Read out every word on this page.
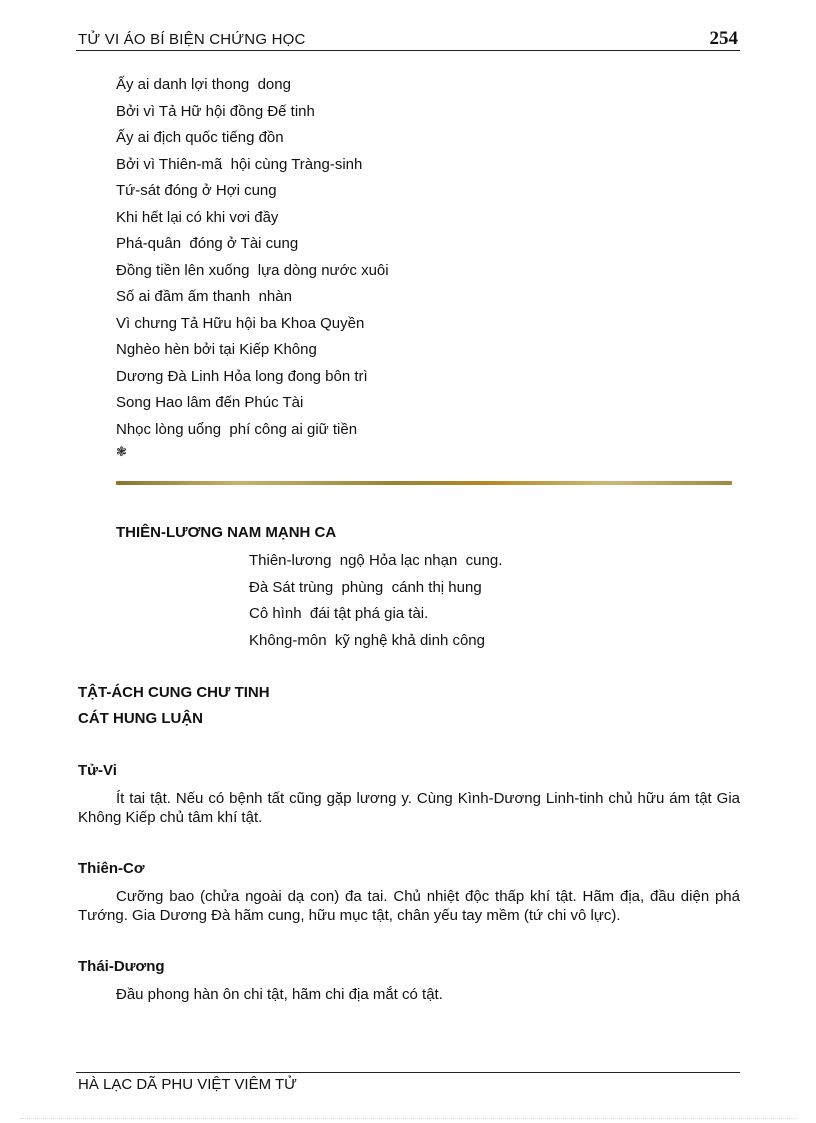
TỬ VI ÁO BÍ BIỆN CHỨNG HỌC	254
Ấy ai danh lợi thong  dong
Bởi vì Tả Hữ hội đồng Đế tinh
Ấy ai địch quốc tiếng đồn
Bởi vì Thiên-mã  hội cùng Tràng-sinh
Tứ-sát đóng ở Hợi cung
Khi hết lại có khi vơi đầy
Phá-quân  đóng ở Tài cung
Đồng tiền lên xuống  lựa dòng nước xuôi
Số ai đầm ấm thanh  nhàn
Vì chưng Tả Hữu hội ba Khoa Quyền
Nghèo hèn bởi tại Kiếp Không
Dương Đà Linh Hỏa long đong bôn trì
Song Hao lâm đến Phúc Tài
Nhọc lòng uổng  phí công ai giữ tiền
❃
THIÊN-LƯƠNG NAM MẠNH CA
Thiên-lương  ngộ Hỏa lạc nhạn  cung.
Đà Sát trùng  phùng  cánh thị hung
Cô hình  đái tật phá gia tài.
Không-môn  kỹ nghệ khả dinh công
TẬT-ÁCH CUNG CHƯ TINH
CÁT HUNG LUẬN
Tử-Vi
Ít tai tật. Nếu có bệnh tất cũng gặp lương y. Cùng Kình-Dương Linh-tinh chủ hữu ám tật Gia Không Kiếp chủ tâm khí tật.
Thiên-Cơ
Cưỡng bao (chửa ngoài dạ con) đa tai. Chủ nhiệt độc thấp khí tật. Hãm địa, đầu diện phá Tướng. Gia Dương Đà hãm cung, hữu mục tật, chân yếu tay mềm (tứ chi vô lực).
Thái-Dương
Đầu phong hàn ôn chi tật, hãm chi địa mắt có tật.
HÀ LẠC DÃ PHU VIỆT VIÊM TỬ
